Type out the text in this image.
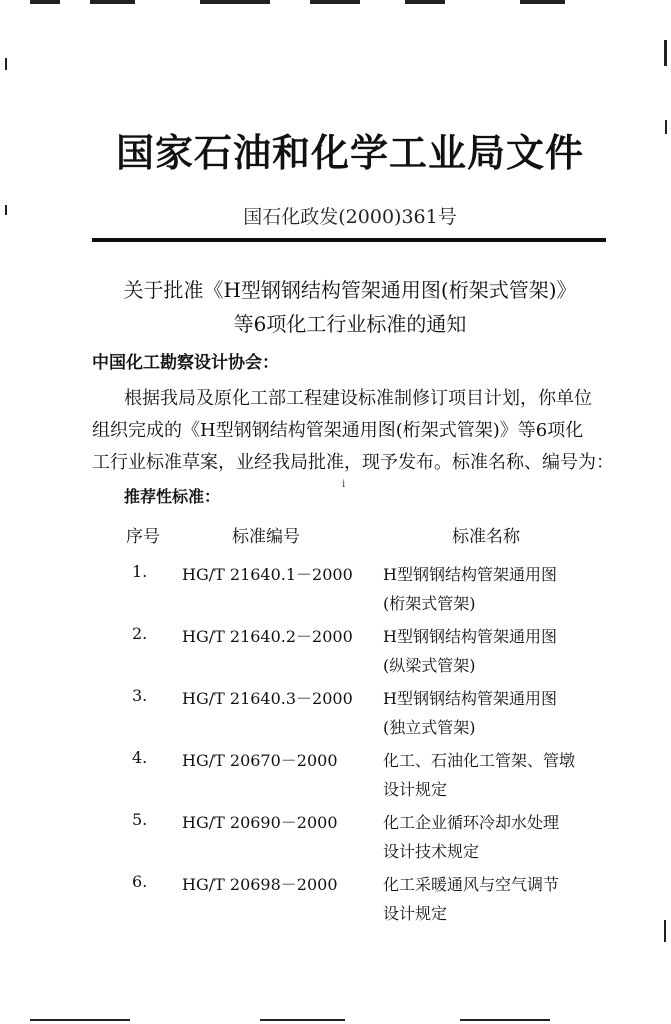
国家石油和化学工业局文件
国石化政发(2000)361号
关于批准《H型钢钢结构管架通用图(桁架式管架)》
等6项化工行业标准的通知
中国化工勘察设计协会：
根据我局及原化工部工程建设标准制修订项目计划，你单位
组织完成的《H型钢钢结构管架通用图(桁架式管架)》等6项化
工行业标准草案，业经我局批准，现予发布。标准名称、编号为：
推荐性标准：
i
序号	标准编号	标准名称
1. HG/T 21640.1－2000 H型钢钢结构管架通用图
(桁架式管架)
2. HG/T 21640.2－2000 H型钢钢结构管架通用图
(纵梁式管架)
3. HG/T 21640.3－2000 H型钢钢结构管架通用图
(独立式管架)
4. HG/T 20670－2000	化工、石油化工管架、管墩
设计规定
5. HG/T 20690－2000	化工企业循环冷却水处理
设计技术规定
6. HG/T 20698－2000	化工采暖通风与空气调节
设计规定
